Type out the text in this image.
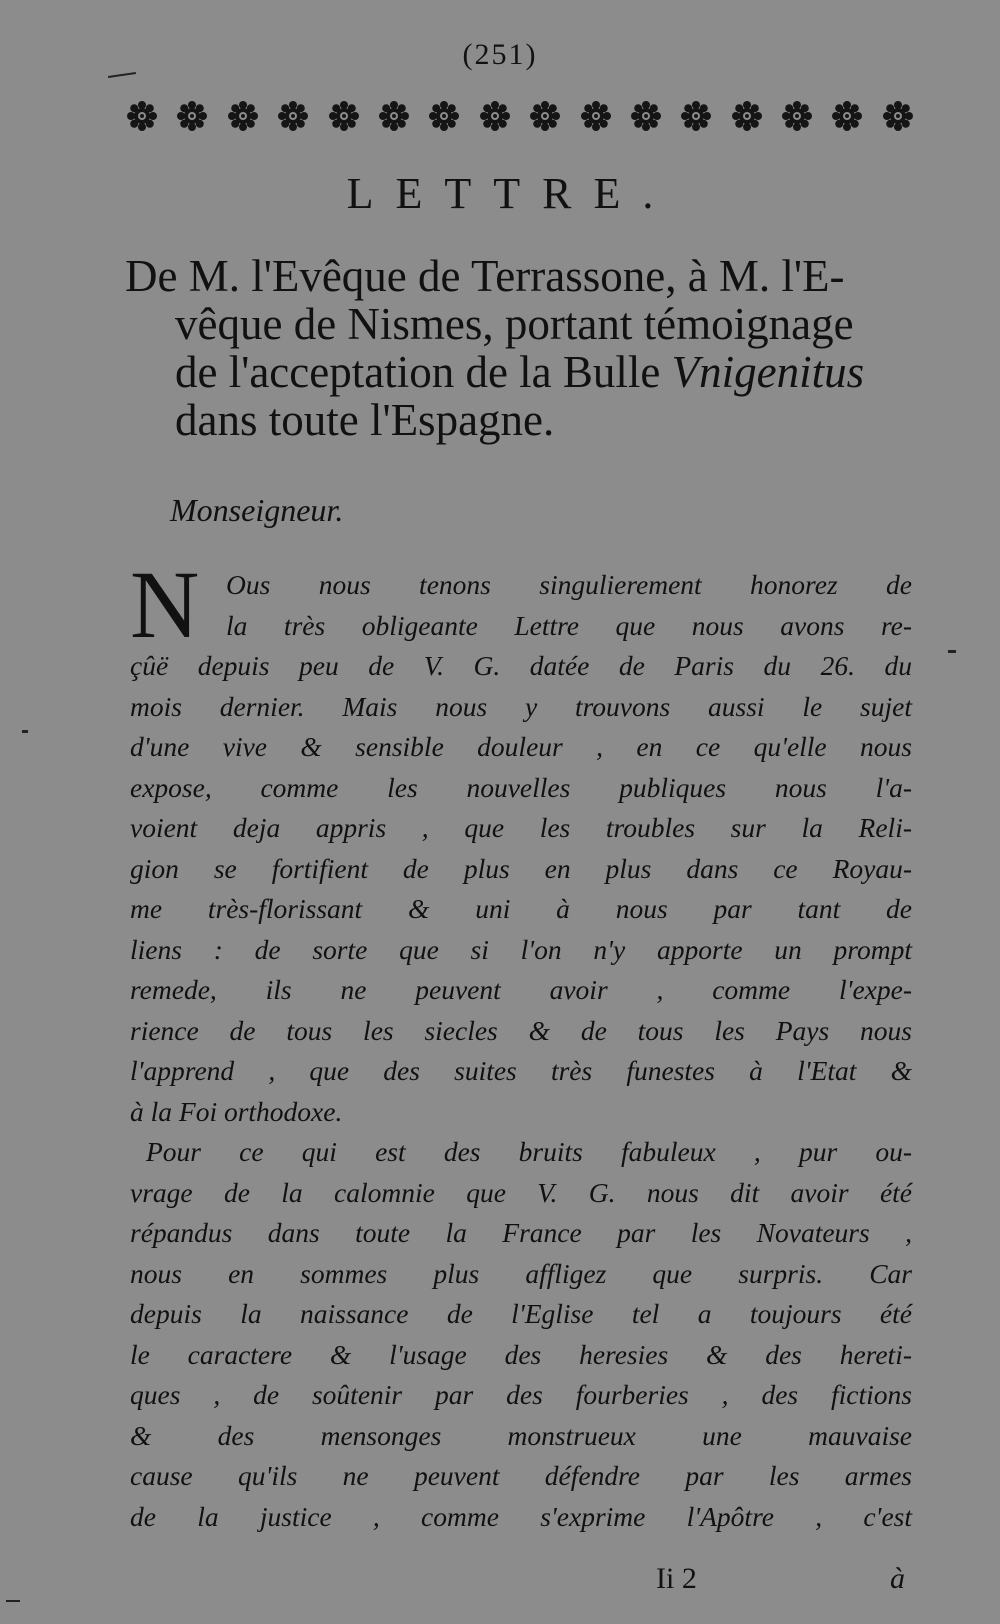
(251)
LETTRE.
De M. l'Evêque de Terrassone, à M. l'E-
vêque de Nismes, portant témoignage
de l'acceptation de la Bulle Vnigenitus
dans toute l'Espagne.
Monseigneur.
N Ous nous tenons singulierement honorez de
la très obligeante Lettre que nous avons re-
çûë depuis peu de V. G. datée de Paris du 26. du
mois dernier. Mais nous y trouvons aussi le sujet
d'une vive & sensible douleur , en ce qu'elle nous
expose, comme les nouvelles publiques nous l'a-
voient deja appris , que les troubles sur la Reli-
gion se fortifient de plus en plus dans ce Royau-
me très-florissant & uni à nous par tant de
liens : de sorte que si l'on n'y apporte un prompt
remede, ils ne peuvent avoir , comme l'expe-
rience de tous les siecles & de tous les Pays nous
l'apprend , que des suites très funestes à l'Etat &
à la Foi orthodoxe.
Pour ce qui est des bruits fabuleux , pur ou-
vrage de la calomnie que V. G. nous dit avoir été
répandus dans toute la France par les Novateurs ,
nous en sommes plus affligez que surpris. Car
depuis la naissance de l'Eglise tel a toujours été
le caractere & l'usage des heresies & des hereti-
ques , de soûtenir par des fourberies , des fictions
& des mensonges monstrueux une mauvaise
cause qu'ils ne peuvent défendre par les armes
de la justice , comme s'exprime l'Apôtre , c'est
Ii 2	à
